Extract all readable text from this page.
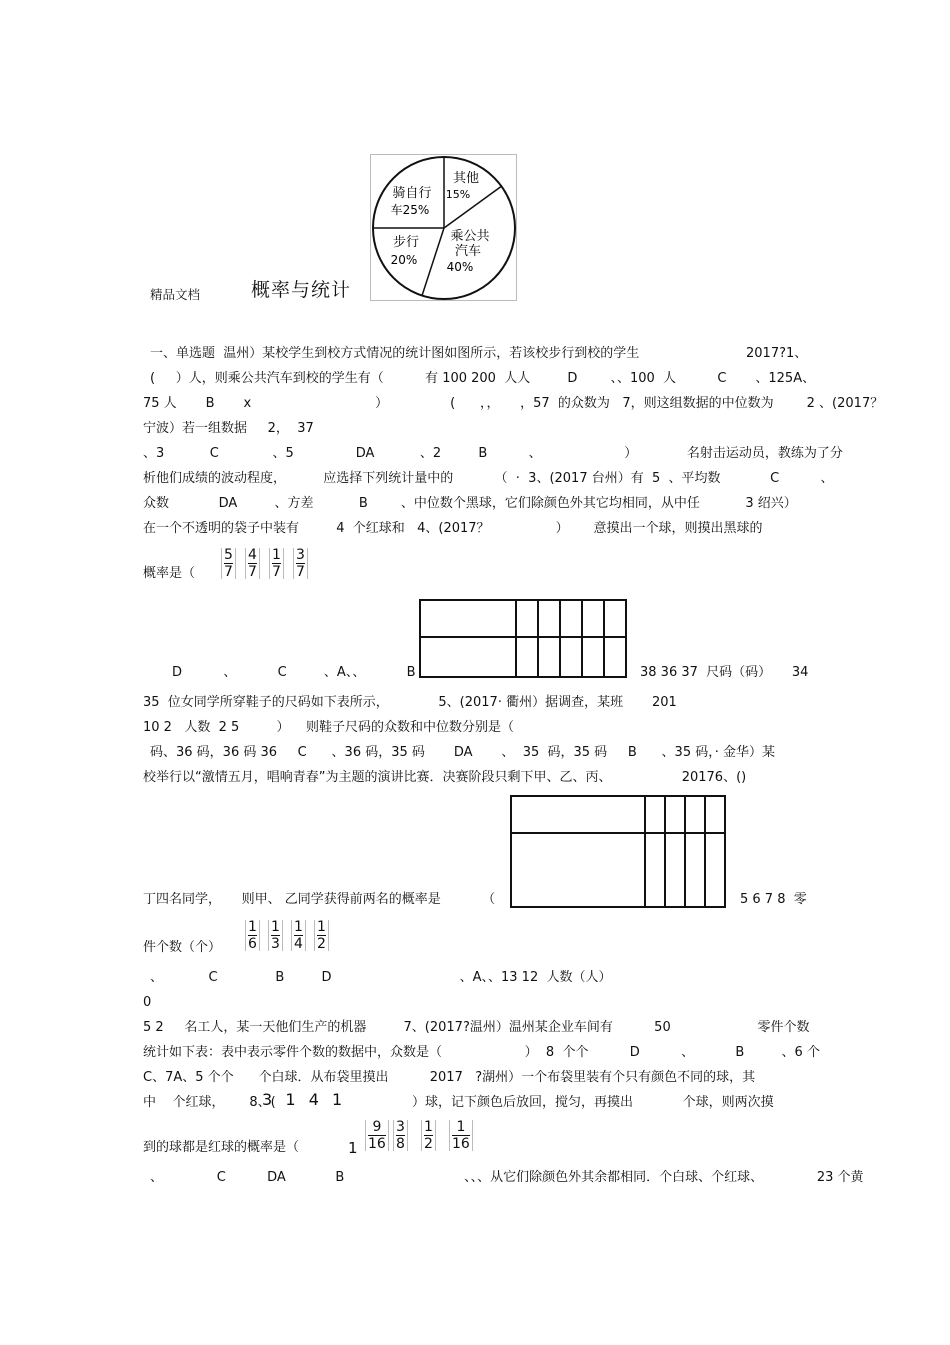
精品文档	概率与统计
其他
15%
骑自行
车25%
步行
20%
乘公共
汽车
40%
一、单选题  温州）某校学生到校方式情况的统计图如图所示，若该校步行到校的学生	2017?1、
(     ）人，则乘公共汽车到校的学生有（          有 100 200  人人         D        、、100  人          C       、125A、
75 人       B       x                              ）               (      ，，     ，57  的众数为   7，则这组数据的中位数为        2 、(2017？
宁波）若一组数据     2，  37
、3           C             、5               DA           、2         B          、                    ）            名射击运动员，教练为了分
析他们成绩的波动程度，         应选择下列统计量中的          （  ·  3、(2017 台州）有  5  、平均数            C          、
众数            DA         、方差           B        、中位数个黑球，它们除颜色外其它均相同，从中任           3 绍兴）
在一个不透明的袋子中装有         4  个红球和   4、(2017？                ）      意摸出一个球，则摸出黑球的
概率是（
5
7
4
7
1
7
3
7
D          、          C         、A、、          B	38 36 37  尺码（码）     34
35  位女同学所穿鞋子的尺码如下表所示，            5、(2017· 衢州）据调查，某班       201
10 2   人数  2 5         ）    则鞋子尺码的众数和中位数分别是（
码、36 码，36 码 36     C      、36 码，35 码       DA       、  35  码，35 码     B      、35 码，· 金华）某
校举行以“激情五月，唱响青春”为主题的演讲比赛．决赛阶段只剩下甲、乙、丙、                 20176、()
丁四名同学，     则甲、 乙同学获得前两名的概率是          （	5 6 7 8  零
件个数（个）
1
6
1
3
1
4
1
2
、           C              B         D                               、A、、13 12  人数（人）
0
5 2     名工人，某一天他们生产的机器         7、(2017?温州）温州某企业车间有          50                     零件个数
统计如下表：表中表示零件个数的数据中，众数是（                    ）  8  个个          D          、          B         、6 个
C、7A、5 个个      个白球．从布袋里摸出          2017   ?湖州）一个布袋里装有个只有颜色不同的球，其
中    个红球，      8、(
3  1  4  1	）球，记下颜色后放回，搅匀，再摸出            个球，则两次摸
到的球都是红球的概率是（	1
9
16
3
8
1
2
1
16
、             C          DA            B                             、、、从它们除颜色外其余都相同．个白球、个红球、             23 个黄
